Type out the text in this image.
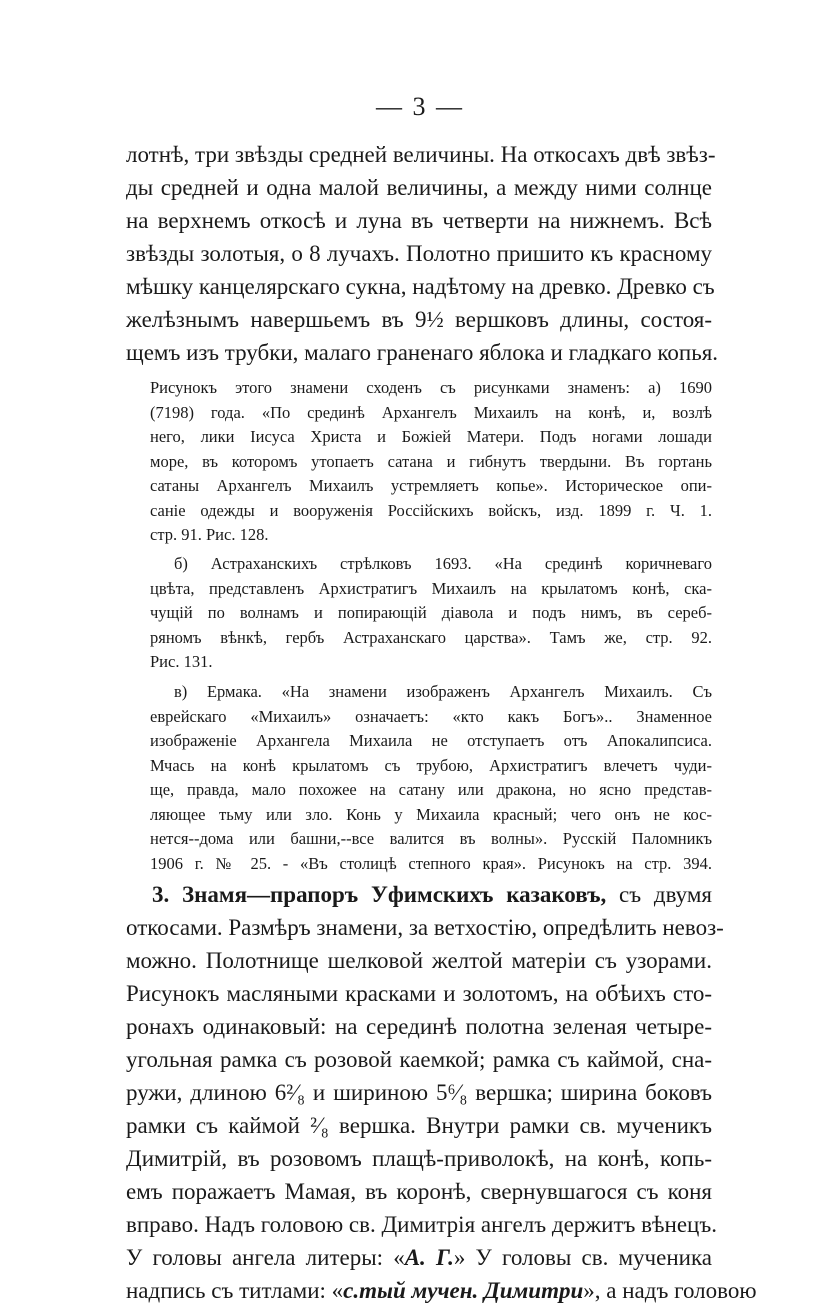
— 3 —
лотнѣ, три звѣзды средней величины. На откосахъ двѣ звѣз-
ды средней и одна малой величины, а между ними солнце
на верхнемъ откосѣ и луна въ четверти на нижнемъ. Всѣ
звѣзды золотыя, о 8 лучахъ. Полотно пришито къ красному
мѣшку канцелярскаго сукна, надѣтому на древко. Древко съ
желѣзнымъ навершьемъ въ 9½ вершковъ длины, состоя-
щемъ изъ трубки, малаго граненаго яблока и гладкаго копья.
Рисунокъ этого знамени сходенъ съ рисунками знаменъ: а) 1690
(7198) года. «По срединѣ Архангелъ Михаилъ на конѣ, и, возлѣ
него, лики Іисуса Христа и Божіей Матери. Подъ ногами лошади
море, въ которомъ утопаетъ сатана и гибнутъ твердыни. Въ гортань
сатаны Архангелъ Михаилъ устремляетъ копье». Историческое опи-
саніе одежды и вооруженія Россійскихъ войскъ, изд. 1899 г. Ч. 1.
стр. 91. Рис. 128.
б) Астраханскихъ стрѣлковъ 1693. «На срединѣ коричневаго
цвѣта, представленъ Архистратигъ Михаилъ на крылатомъ конѣ, ска-
чущій по волнамъ и попирающій діавола и подъ нимъ, въ сереб-
ряномъ вѣнкѣ, гербъ Астраханскаго царства». Тамъ же, стр. 92.
Рис. 131.
в) Ермака. «На знамени изображенъ Архангелъ Михаилъ. Съ
еврейскаго «Михаилъ» означаетъ: «кто какъ Богъ».. Знаменное
изображеніе Архангела Михаила не отступаетъ отъ Апокалипсиса.
Мчась на конѣ крылатомъ съ трубою, Архистратигъ влечетъ чуди-
ще, правда, мало похожее на сатану или дракона, но ясно представ-
ляющее тьму или зло. Конь у Михаила красный; чего онъ не кос-
нется--дома или башни,--все валится въ волны». Русскій Паломникъ
1906 г. № 25. - «Въ столицѣ степного края». Рисунокъ на стр. 394.
3. Знамя—прапоръ Уфимскихъ казаковъ, съ двумя
откосами. Размѣръ знамени, за ветхостію, опредѣлить невоз-
можно. Полотнище шелковой желтой матеріи съ узорами.
Рисунокъ масляными красками и золотомъ, на обѣихъ сто-
ронахъ одинаковый: на серединѣ полотна зеленая четыре-
угольная рамка съ розовой каемкой; рамка съ каймой, сна-
ружи, длиною 6²⁄₈ и шириною 5⁶⁄₈ вершка; ширина боковъ
рамки съ каймой ²⁄₈ вершка. Внутри рамки св. мученикъ
Димитрій, въ розовомъ плащѣ-приволокѣ, на конѣ, копь-
емъ поражаетъ Мамая, въ коронѣ, свернувшагося съ коня
вправо. Надъ головою св. Димитрія ангелъ держитъ вѣнецъ.
У головы ангела литеры: «А. Г.» У головы св. мученика
надпись съ титлами: «с.тый мучен. Димитри», а надъ головою
